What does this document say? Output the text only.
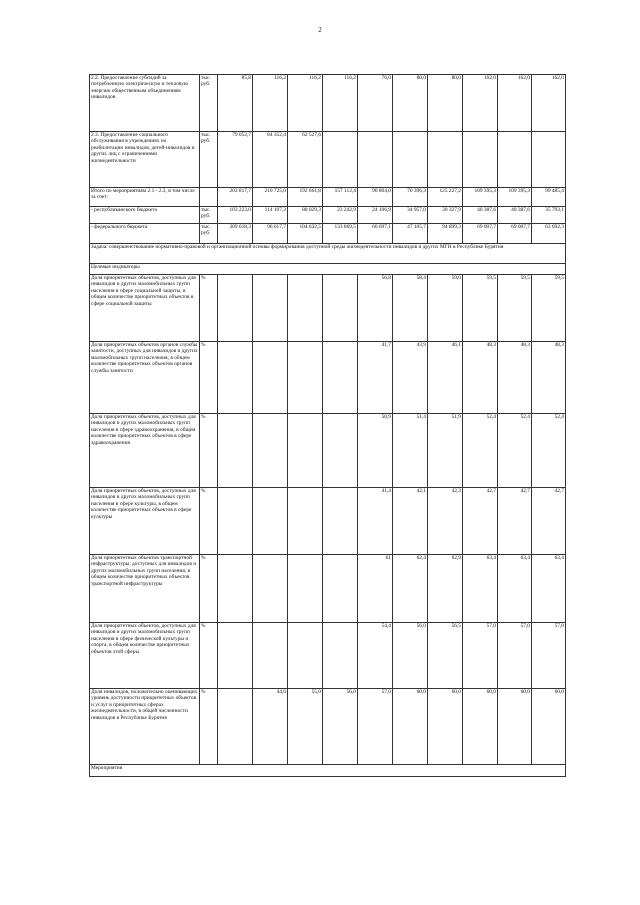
2
2.2. Предоставление субсидий за потребленную электрическую и тепловую энергию общественным объединениям инвалидов	тыс. руб.	85,8	116,2	116,2	116,2	76,0	80,0	80,0	162,0	162,0	162,0
2.3. Предоставление социального обслуживания в учреждениях по реабилитации инвалидов, детей-инвалидов и других лиц с ограничениями жизнедеятельности	тыс. руб.	79 052,7	84 352,4	62 527,6							
Итого по мероприятиям 2.1 - 2.3, в том числе за счет:		203 817,7	210 725,0	192 661,8	157 112,4	90 804,0	70 396,3	125 227,2	109 395,3	109 395,3	99 485,4
- республиканского бюджета	тыс. руб.	103 223,0	114 107,3	88 029,3	23 242,9	24 106,9	34 957,0	30 327,9	40 387,6	40 387,6	35 793,1
- федерального бюджета	тыс. руб.	309 618,3	96 617,7	104 632,5	133 869,5	66 697,1	47 105,7	94 899,3	69 007,7	69 007,7	63 692,3
Задача: совершенствование нормативно-правовой и организационной основы формирования доступной среды жизнедеятельности инвалидов и других МГН в Республике Бурятия											
Целевые индикаторы											
Доля приоритетных объектов, доступных для инвалидов и других маломобильных групп населения в сфере социальной защиты, в общем количестве приоритетных объектов в сфере социальной защиты	%					56,8	58,4	59,0	59,5	59,5	59,5
Доля приоритетных объектов органов службы занятости, доступных для инвалидов и других маломобильных групп населения, в общем количестве приоритетных объектов органов службы занятости	%					41,7	43,9	46,1	48,3	48,3	48,3
Доля приоритетных объектов, доступных для инвалидов и других маломобильных групп населения в сфере здравоохранения, в общем количестве приоритетных объектов в сфере здравоохранения	%					50,9	51,4	51,9	52,4	52,4	52,4
Доля приоритетных объектов, доступных для инвалидов и других маломобильных групп населения в сфере культуры, в общем количестве приоритетных объектов в сфере культуры	%					41,4	42,1	42,3	42,7	42,7	42,7
Доля приоритетных объектов транспортной инфраструктуры, доступных для инвалидов и других маломобильных групп населения, в общем количестве приоритетных объектов транспортной инфраструктуры	%					61	62,4	62,9	63,4	63,4	63,4
Доля приоритетных объектов, доступных для инвалидов и других маломобильных групп населения в сфере физической культуры и спорта, в общем количестве приоритетных объектов этой сферы	%					54,4	56,0	56,5	57,0	57,0	57,0
Доля инвалидов, положительно оценивающих уровень доступности приоритетных объектов и услуг в приоритетных сферах жизнедеятельности, в общей численности инвалидов в Республике Бурятия	%		44,6	55,0	56,0	57,0	60,0	60,0	60,0	60,0	60,0
Мероприятия											
